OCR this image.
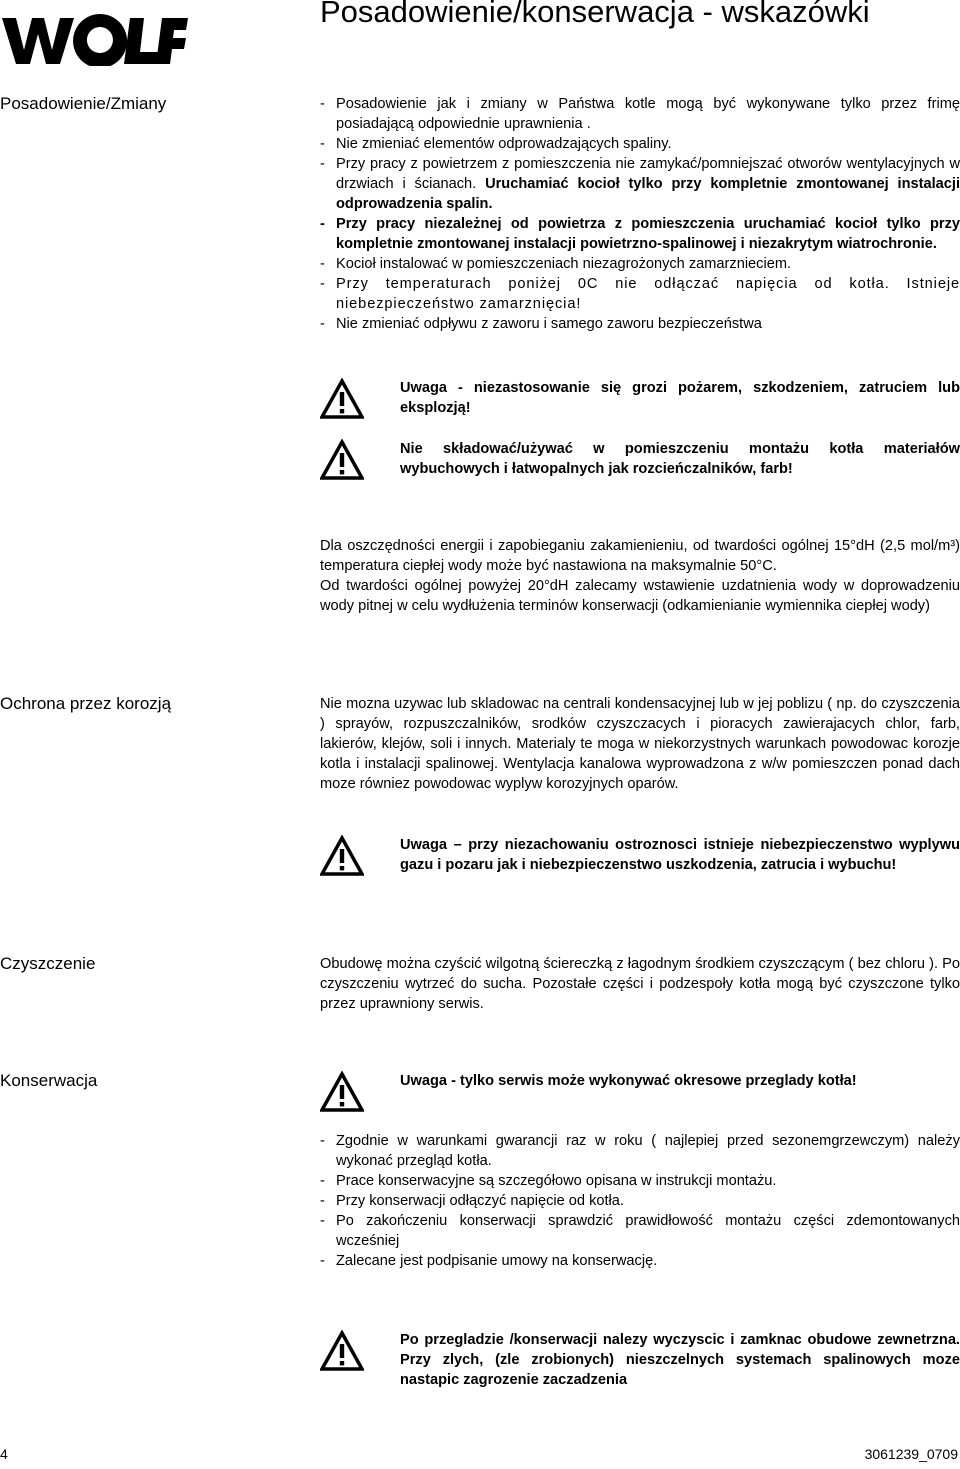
Posadowienie/konserwacja - wskazówki
Posadowienie/Zmiany
-	Posadowienie jak i zmiany w Państwa kotle mogą być wykonywane tylko przez frimę posiadającą odpowiednie uprawnienia .
- Nie zmieniać elementów odprowadzających spaliny.
- Przy pracy z powietrzem z pomieszczenia nie zamykać/pomniejszać otworów wentylacyjnych w drzwiach i ścianach. Uruchamiać kocioł tylko przy kompletnie zmontowanej instalacji odprowadzenia spalin.
- Przy pracy niezależnej od powietrza z pomieszczenia uruchamiać kocioł tylko przy kompletnie zmontowanej instalacji powietrzno-spalinowej i niezakrytym wiatrochronie.
- Kocioł instalować w pomieszczeniach niezagrożonych zamarznieciem.
- Przy temperaturach poniżej 0C nie odłączać napięcia od kotła. Istnieje niebezpieczeństwo zamarznięcia!
- Nie zmieniać odpływu z zaworu i samego zaworu bezpieczeństwa
Uwaga - niezastosowanie się grozi pożarem, szkodzeniem, zatruciem lub eksplozją!
Nie składować/używać w pomieszczeniu montażu kotła materiałów wybuchowych i łatwopalnych jak rozcieńczalników, farb!

Dla oszczędności energii i zapobieganiu zakamienieniu, od twardości ogólnej 15°dH (2,5 mol/m³) temperatura ciepłej wody może być nastawiona na maksymalnie 50°C.

Od twardości ogólnej powyżej 20°dH zalecamy wstawienie uzdatnienia wody w doprowadzeniu wody pitnej w celu wydłużenia terminów konserwacji (odkamienianie wymiennika ciepłej wody)

Ochrona przez korozją	Nie mozna uzywac lub skladowac na centrali kondensacyjnej lub w jej poblizu ( np. do czyszczenia ) sprayów, rozpuszczalników, srodków czyszczacych i pioracych zawierajacych chlor, farb, lakierów, klejów, soli i innych. Materialy te moga w niekorzystnych warunkach powodowac korozje kotla i instalacji spalinowej. Wentylacja kanalowa wyprowadzona z w/w pomieszczen ponad dach moze równiez powodowac wyplyw korozyjnych oparów.

Uwaga – przy niezachowaniu ostroznosci istnieje niebezpieczenstwo wyplywu gazu i pozaru jak i niebezpieczenstwo uszkodzenia, zatrucia i wybuchu!
Czyszczenie	Obudowę można czyścić wilgotną ściereczką z łagodnym środkiem czyszczącym ( bez chloru ). Po czyszczeniu wytrzeć do sucha. Pozostałe części i podzespoły kotła mogą być czyszczone tylko przez uprawniony serwis.

Konserwacja	Uwaga - tylko serwis może wykonywać okresowe przeglady kotła!
- Zgodnie w warunkami gwarancji raz w roku ( najlepiej przed sezonemgrzewczym) należy wykonać przegląd kotła.
- Prace konserwacyjne są szczegółowo opisana w instrukcji montażu.
- Przy konserwacji odłączyć napięcie od kotła.
- Po zakończeniu konserwacji sprawdzić prawidłowość montażu części zdemontowanych wcześniej
- Zalecane jest podpisanie umowy na konserwację.
Po przegladzie /konserwacji nalezy wyczyscic i zamknac obudowe zewnetrzna. Przy zlych, (zle zrobionych) nieszczelnych systemach spalinowych moze nastapic zagrozenie zaczadzenia
4	3061239_0709
